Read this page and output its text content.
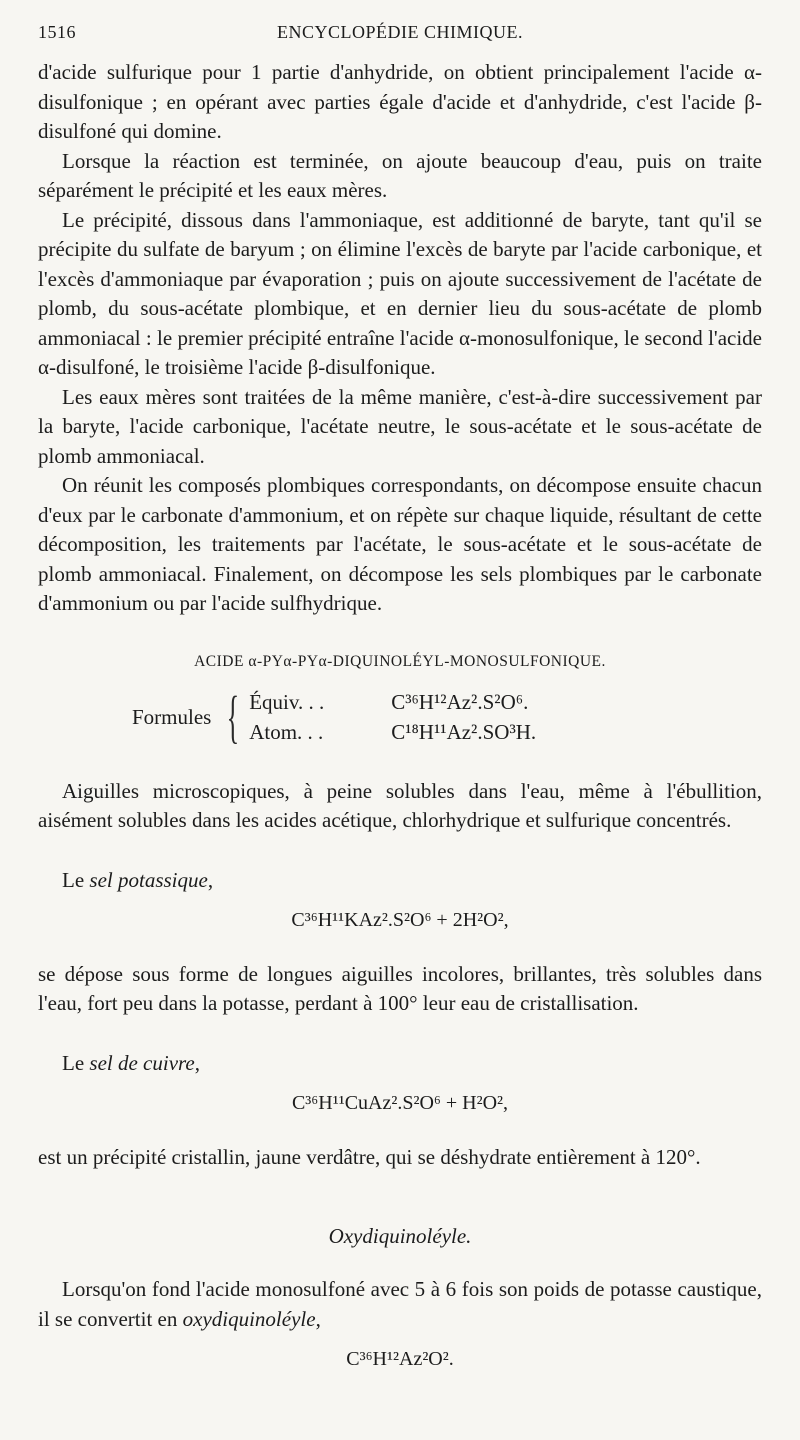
1516	ENCYCLOPÉDIE CHIMIQUE.

d'acide sulfurique pour 1 partie d'anhydride, on obtient principalement l'acide α-disulfonique ; en opérant avec parties égale d'acide et d'anhydride, c'est l'acide β-disulfoné qui domine.

Lorsque la réaction est terminée, on ajoute beaucoup d'eau, puis on traite séparément le précipité et les eaux mères.

Le précipité, dissous dans l'ammoniaque, est additionné de baryte, tant qu'il se précipite du sulfate de baryum ; on élimine l'excès de baryte par l'acide carbonique, et l'excès d'ammoniaque par évaporation ; puis on ajoute successivement de l'acétate de plomb, du sous-acétate plombique, et en dernier lieu du sous-acétate de plomb ammoniacal : le premier précipité entraîne l'acide α-monosulfonique, le second l'acide α-disulfoné, le troisième l'acide β-disulfonique.

Les eaux mères sont traitées de la même manière, c'est-à-dire successivement par la baryte, l'acide carbonique, l'acétate neutre, le sous-acétate et le sous-acétate de plomb ammoniacal.

On réunit les composés plombiques correspondants, on décompose ensuite chacun d'eux par le carbonate d'ammonium, et on répète sur chaque liquide, résultant de cette décomposition, les traitements par l'acétate, le sous-acétate et le sous-acétate de plomb ammoniacal. Finalement, on décompose les sels plombiques par le carbonate d'ammonium ou par l'acide sulfhydrique.

ACIDE α-PYα-PYα-DIQUINOLÉYL-MONOSULFONIQUE.
Formules { Équiv. . .	C³⁶H¹²Az².S²O⁶.
Atom. . .	C¹⁸H¹¹Az².SO³H.

Aiguilles microscopiques, à peine solubles dans l'eau, même à l'ébullition, aisément solubles dans les acides acétique, chlorhydrique et sulfurique concentrés.

Le sel potassique,
C³⁶H¹¹KAz².S²O⁶ + 2H²O²,

se dépose sous forme de longues aiguilles incolores, brillantes, très solubles dans l'eau, fort peu dans la potasse, perdant à 100° leur eau de cristallisation.

Le sel de cuivre,
C³⁶H¹¹CuAz².S²O⁶ + H²O²,

est un précipité cristallin, jaune verdâtre, qui se déshydrate entièrement à 120°.

Oxydiquinoléyle.

Lorsqu'on fond l'acide monosulfoné avec 5 à 6 fois son poids de potasse caustique, il se convertit en oxydiquinoléyle,

C³⁶H¹²Az²O².
